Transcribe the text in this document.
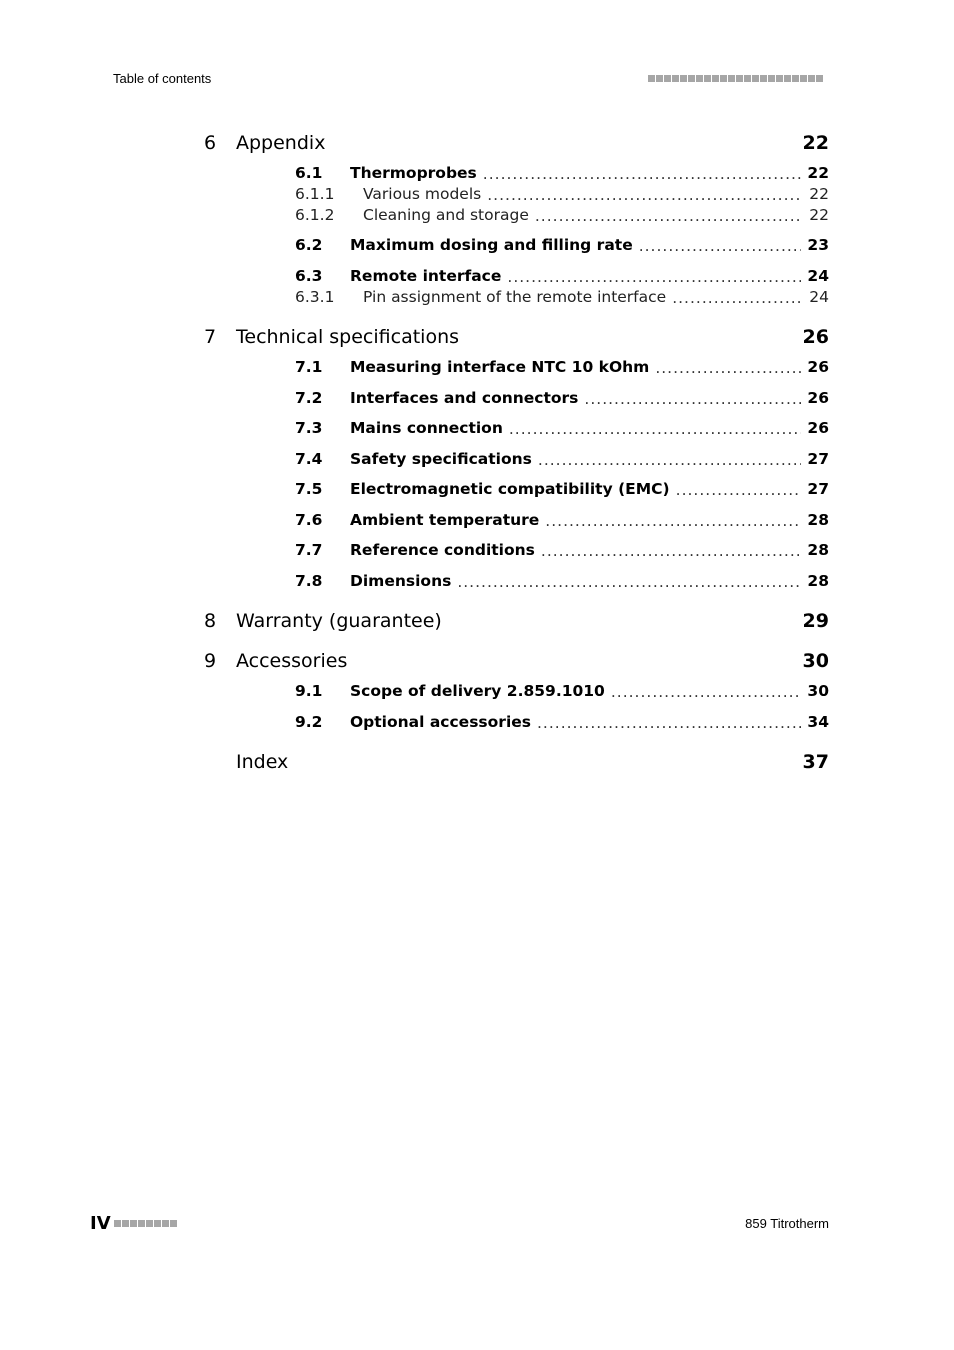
Table of contents
6	Appendix	22
6.1	Thermoprobes .....	22
6.1.1	Various models .....	22
6.1.2	Cleaning and storage .....	22
6.2	Maximum dosing and filling rate .....	23
6.3	Remote interface .....	24
6.3.1	Pin assignment of the remote interface .....	24
7	Technical specifications	26
7.1	Measuring interface NTC 10 kOhm .....	26
7.2	Interfaces and connectors .....	26
7.3	Mains connection .....	26
7.4	Safety specifications .....	27
7.5	Electromagnetic compatibility (EMC) .....	27
7.6	Ambient temperature .....	28
7.7	Reference conditions .....	28
7.8	Dimensions .....	28
8	Warranty (guarantee)	29
9	Accessories	30
9.1	Scope of delivery 2.859.1010 .....	30
9.2	Optional accessories .....	34
Index	37
IV	859 Titrotherm
